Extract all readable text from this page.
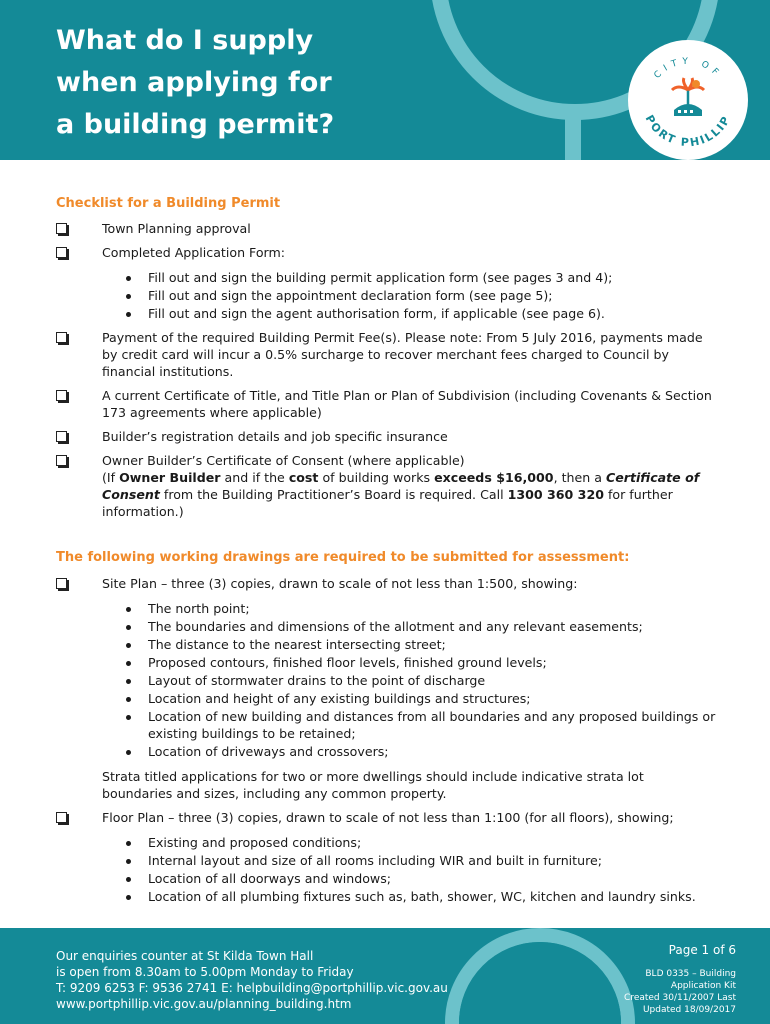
What do I supply
when applying for
a building permit?
CITY OF
PORT PHILLIP
Checklist for a Building Permit
Town Planning approval
Completed Application Form:
Fill out and sign the building permit application form (see pages 3 and 4);
Fill out and sign the appointment declaration form (see page 5);
Fill out and sign the agent authorisation form, if applicable (see page 6).
Payment of the required Building Permit Fee(s). Please note: From 5 July 2016, payments made by credit card will incur a 0.5% surcharge to recover merchant fees charged to Council by financial institutions.
A current Certificate of Title, and Title Plan or Plan of Subdivision (including Covenants & Section 173 agreements where applicable)
Builder’s registration details and job specific insurance
Owner Builder’s Certificate of Consent (where applicable)
(If Owner Builder and if the cost of building works exceeds $16,000, then a Certificate of Consent from the Building Practitioner’s Board is required. Call 1300 360 320 for further information.)
The following working drawings are required to be submitted for assessment:
Site Plan – three (3) copies, drawn to scale of not less than 1:500, showing:
The north point;
The boundaries and dimensions of the allotment and any relevant easements;
The distance to the nearest intersecting street;
Proposed contours, finished floor levels, finished ground levels;
Layout of stormwater drains to the point of discharge
Location and height of any existing buildings and structures;
Location of new building and distances from all boundaries and any proposed buildings or existing buildings to be retained;
Location of driveways and crossovers;
Strata titled applications for two or more dwellings should include indicative strata lot boundaries and sizes, including any common property.
Floor Plan – three (3) copies, drawn to scale of not less than 1:100 (for all floors), showing;
Existing and proposed conditions;
Internal layout and size of all rooms including WIR and built in furniture;
Location of all doorways and windows;
Location of all plumbing fixtures such as, bath, shower, WC, kitchen and laundry sinks.
Our enquiries counter at St Kilda Town Hall
is open from 8.30am to 5.00pm Monday to Friday
T: 9209 6253 F: 9536 2741 E: helpbuilding@portphillip.vic.gov.au
www.portphillip.vic.gov.au/planning_building.htm
Page 1 of 6
BLD 0335 – Building
Application Kit
Created 30/11/2007 Last
Updated 18/09/2017
